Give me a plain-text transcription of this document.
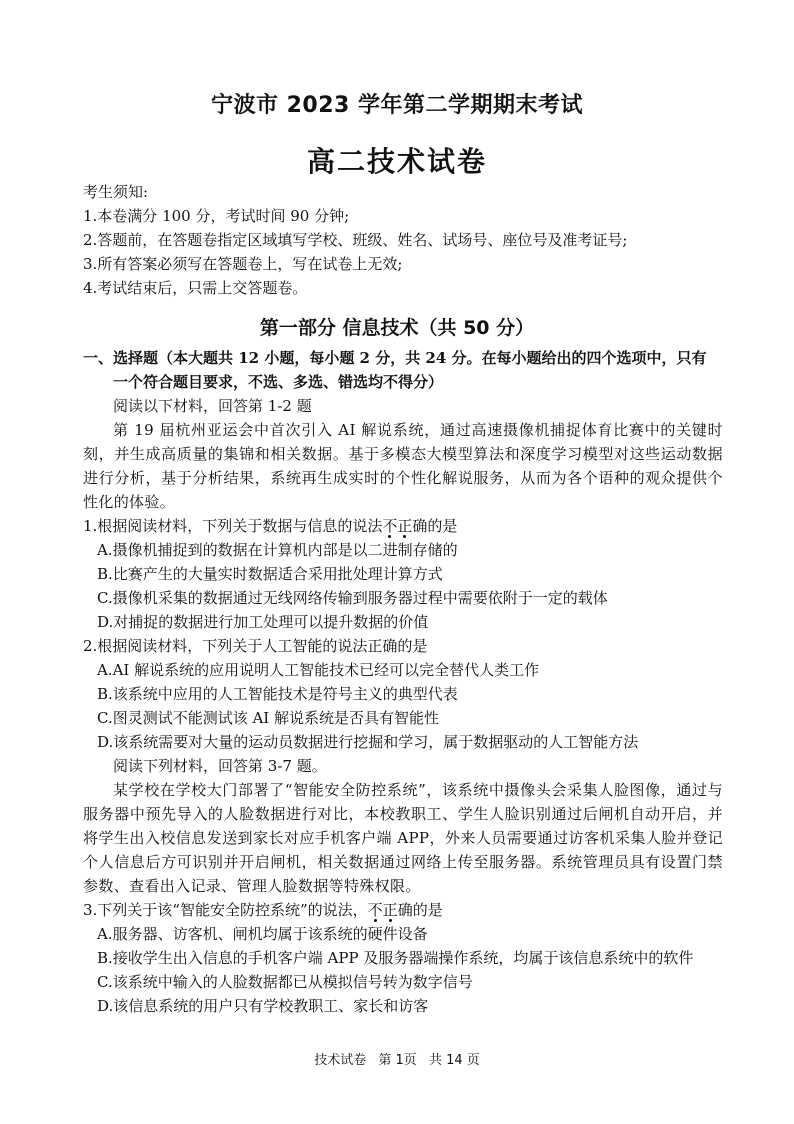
宁波市 2023 学年第二学期期末考试
高二技术试卷
考生须知:
1.本卷满分 100 分，考试时间 90 分钟;
2.答题前，在答题卷指定区域填写学校、班级、姓名、试场号、座位号及准考证号;
3.所有答案必须写在答题卷上，写在试卷上无效;
4.考试结束后，只需上交答题卷。
第一部分 信息技术（共 50 分）
一、选择题（本大题共 12 小题，每小题 2 分，共 24 分。在每小题给出的四个选项中，只有
一个符合题目要求，不选、多选、错选均不得分）
阅读以下材料，回答第 1-2 题

第 19 届杭州亚运会中首次引入 AI 解说系统，通过高速摄像机捕捉体育比赛中的关键时刻，并生成高质量的集锦和相关数据。基于多模态大模型算法和深度学习模型对这些运动数据进行分析，基于分析结果，系统再生成实时的个性化解说服务，从而为各个语种的观众提供个性化的体验。

1.根据阅读材料，下列关于数据与信息的说法不正确的是
A.摄像机捕捉到的数据在计算机内部是以二进制存储的
B.比赛产生的大量实时数据适合采用批处理计算方式
C.摄像机采集的数据通过无线网络传输到服务器过程中需要依附于一定的载体
D.对捕捉的数据进行加工处理可以提升数据的价值
2.根据阅读材料，下列关于人工智能的说法正确的是
A.AI 解说系统的应用说明人工智能技术已经可以完全替代人类工作
B.该系统中应用的人工智能技术是符号主义的典型代表
C.图灵测试不能测试该 AI 解说系统是否具有智能性
D.该系统需要对大量的运动员数据进行挖掘和学习，属于数据驱动的人工智能方法
阅读下列材料，回答第 3-7 题。

某学校在学校大门部署了“智能安全防控系统”，该系统中摄像头会采集人脸图像，通过与服务器中预先导入的人脸数据进行对比，本校教职工、学生人脸识别通过后闸机自动开启，并将学生出入校信息发送到家长对应手机客户端 APP，外来人员需要通过访客机采集人脸并登记个人信息后方可识别并开启闸机，相关数据通过网络上传至服务器。系统管理员具有设置门禁参数、查看出入记录、管理人脸数据等特殊权限。

3.下列关于该“智能安全防控系统”的说法，不正确的是
A.服务器、访客机、闸机均属于该系统的硬件设备
B.接收学生出入信息的手机客户端 APP 及服务器端操作系统，均属于该信息系统中的软件
C.该系统中输入的人脸数据都已从模拟信号转为数字信号
D.该信息系统的用户只有学校教职工、家长和访客
技术试卷 第 1页 共 14 页
